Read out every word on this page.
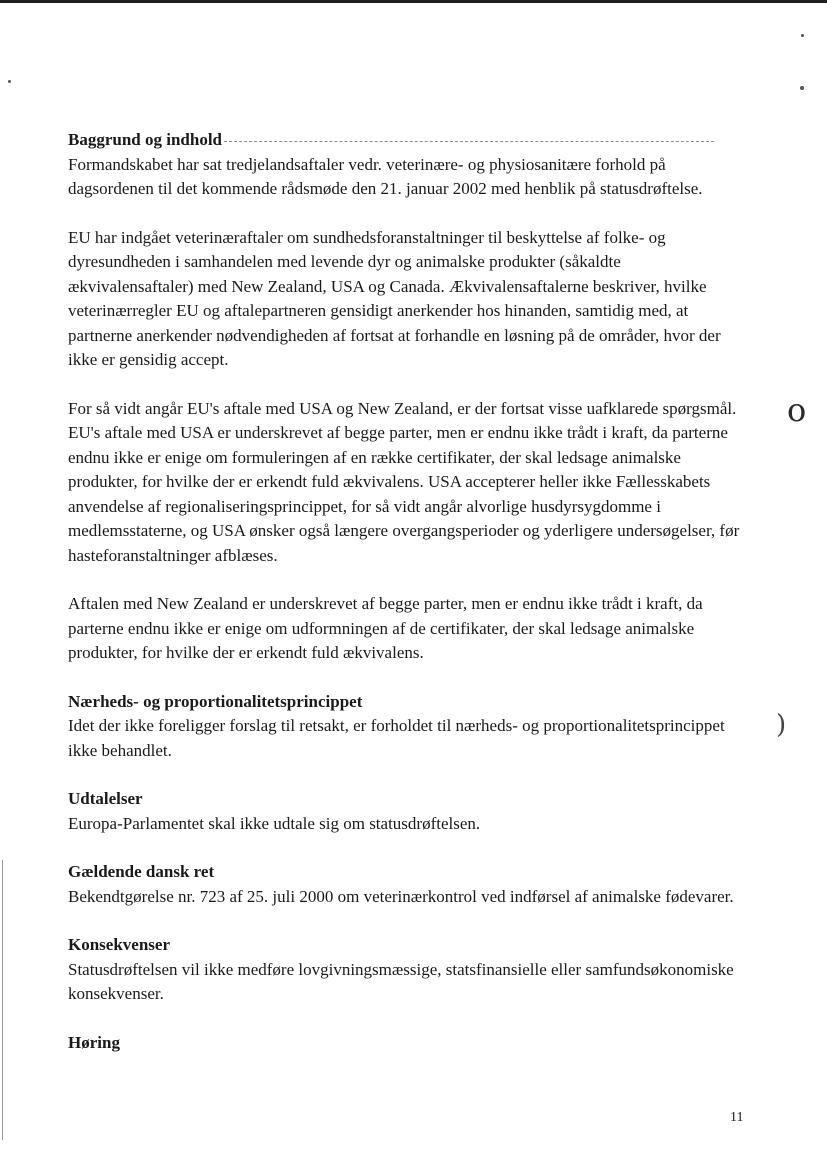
o
)
Baggrund og indhold

Formandskabet har sat tredjelandsaftaler vedr. veterinære- og physiosanitære forhold på dagsordenen til det kommende rådsmøde den 21. januar 2002 med henblik på statusdrøftelse.

EU har indgået veterinæraftaler om sundhedsforanstaltninger til beskyttelse af folke- og dyresundheden i samhandelen med levende dyr og animalske produkter (såkaldte ækvivalensaftaler) med New Zealand, USA og Canada. Ækvivalensaftalerne beskriver, hvilke veterinærregler EU og aftalepartneren gensidigt anerkender hos hinanden, samtidig med, at partnerne anerkender nødvendigheden af fortsat at forhandle en løsning på de områder, hvor der ikke er gensidig accept.

For så vidt angår EU's aftale med USA og New Zealand, er der fortsat visse uafklarede spørgsmål. EU's aftale med USA er underskrevet af begge parter, men er endnu ikke trådt i kraft, da parterne endnu ikke er enige om formuleringen af en række certifikater, der skal ledsage animalske produkter, for hvilke der er erkendt fuld ækvivalens. USA accepterer heller ikke Fællesskabets anvendelse af regionaliseringsprincippet, for så vidt angår alvorlige husdyrsygdomme i medlemsstaterne, og USA ønsker også længere overgangsperioder og yderligere undersøgelser, før hasteforanstaltninger afblæses.

Aftalen med New Zealand er underskrevet af begge parter, men er endnu ikke trådt i kraft, da parterne endnu ikke er enige om udformningen af de certifikater, der skal ledsage animalske produkter, for hvilke der er erkendt fuld ækvivalens.

Nærheds- og proportionalitetsprincippet

Idet der ikke foreligger forslag til retsakt, er forholdet til nærheds- og proportionalitetsprincippet ikke behandlet.

Udtalelser

Europa-Parlamentet skal ikke udtale sig om statusdrøftelsen.

Gældende dansk ret

Bekendtgørelse nr. 723 af 25. juli 2000 om veterinærkontrol ved indførsel af animalske fødevarer.

Konsekvenser

Statusdrøftelsen vil ikke medføre lovgivningsmæssige, statsfinansielle eller samfundsøkonomiske konsekvenser.

Høring
11
